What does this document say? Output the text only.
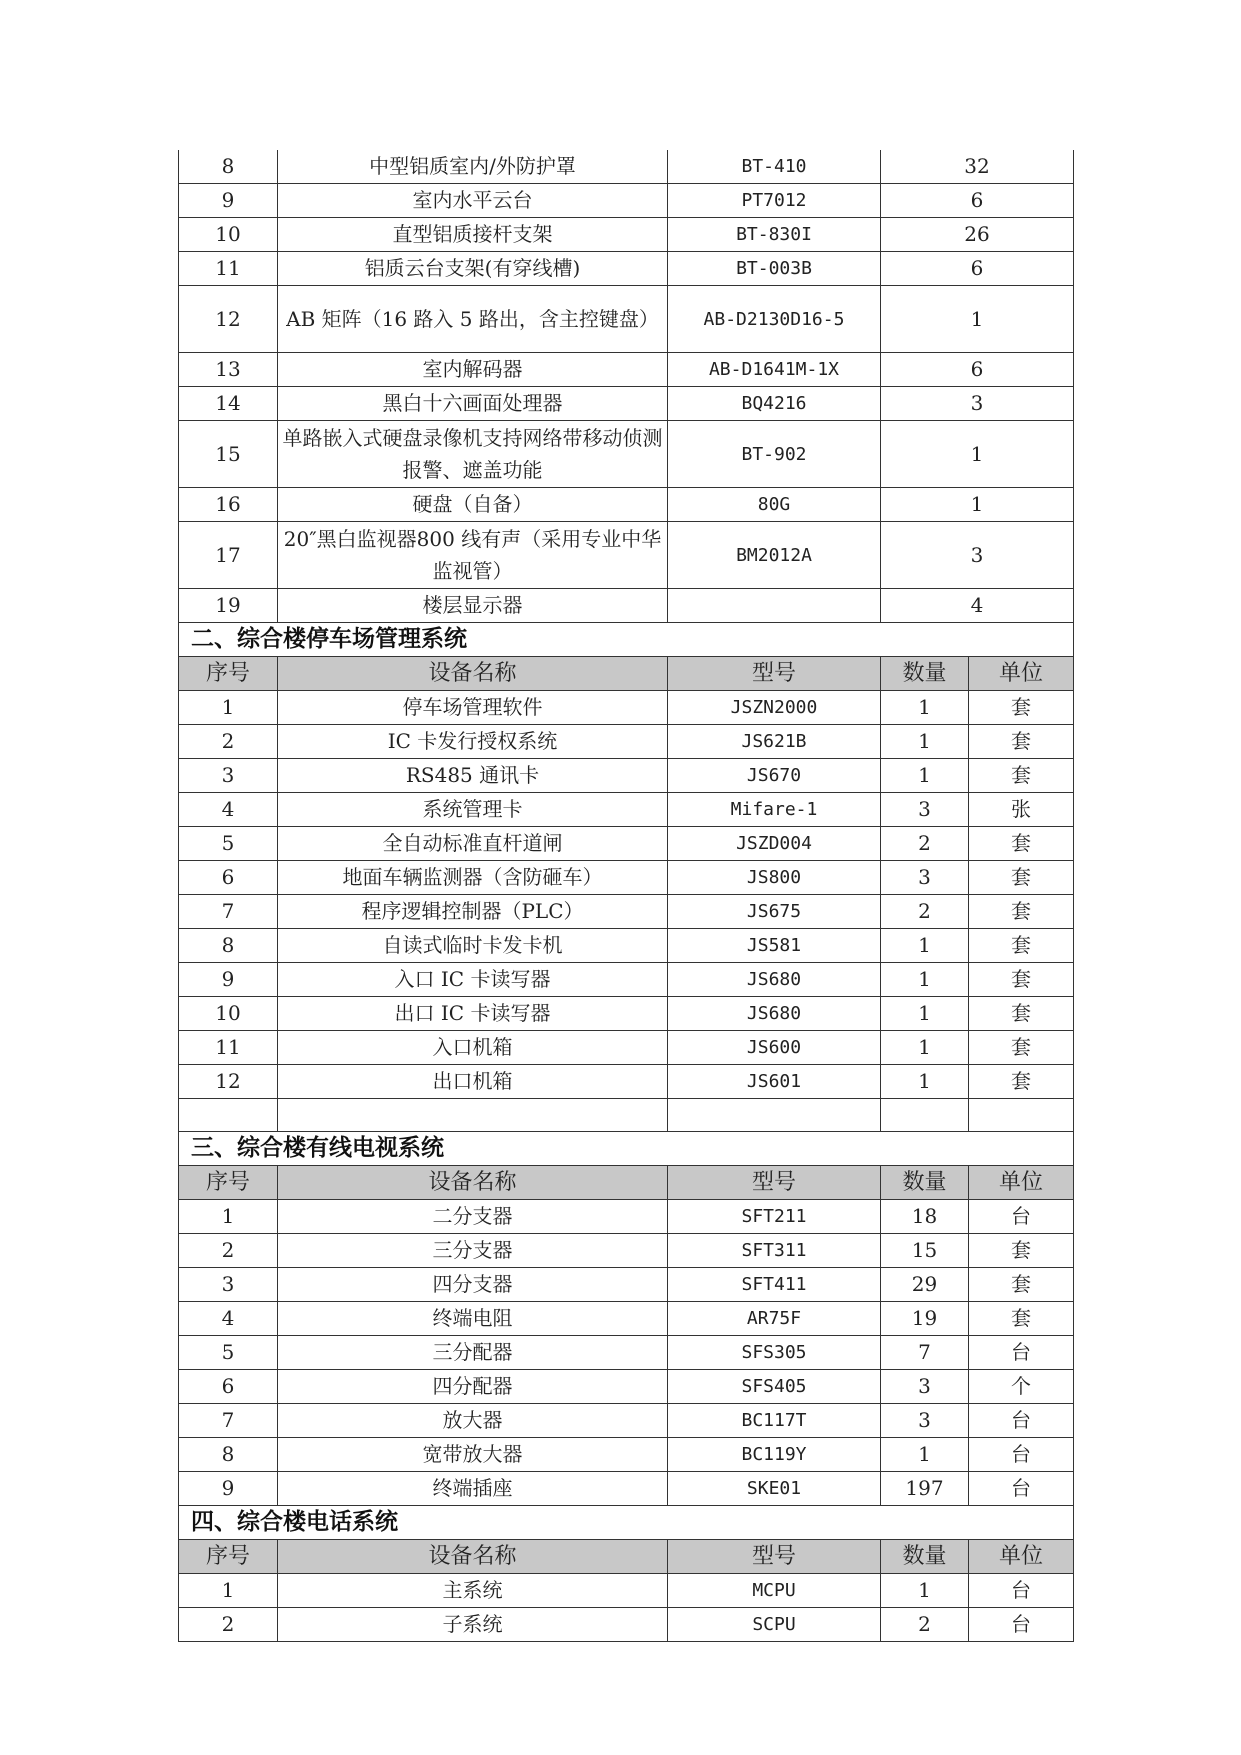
8	中型铝质室内/外防护罩	BT-410	32	
9	室内水平云台	PT7012	6	
10	直型铝质接杆支架	BT-830I	26	
11	铝质云台支架(有穿线槽)	BT-003B	6	
12	AB 矩阵（16 路入 5 路出，含主控键盘）	AB-D2130D16-5	1	
13	室内解码器	AB-D1641M-1X	6	
14	黑白十六画面处理器	BQ4216	3	
15	单路嵌入式硬盘录像机支持网络带移动侦测报警、遮盖功能	BT-902	1	
16	硬盘（自备）	80G	1	
17	20″黑白监视器800 线有声（采用专业中华监视管）	BM2012A	3	
19	楼层显示器		4	
二、综合楼停车场管理系统				
序号	设备名称	型号	数量	单位
1	停车场管理软件	JSZN2000	1	套
2	IC 卡发行授权系统	JS621B	1	套
3	RS485 通讯卡	JS670	1	套
4	系统管理卡	Mifare-1	3	张
5	全自动标准直杆道闸	JSZD004	2	套
6	地面车辆监测器（含防砸车）	JS800	3	套
7	程序逻辑控制器（PLC）	JS675	2	套
8	自读式临时卡发卡机	JS581	1	套
9	入口 IC 卡读写器	JS680	1	套
10	出口 IC 卡读写器	JS680	1	套
11	入口机箱	JS600	1	套
12	出口机箱	JS601	1	套

三、综合楼有线电视系统				
序号	设备名称	型号	数量	单位
1	二分支器	SFT211	18	台
2	三分支器	SFT311	15	套
3	四分支器	SFT411	29	套
4	终端电阻	AR75F	19	套
5	三分配器	SFS305	7	台
6	四分配器	SFS405	3	个
7	放大器	BC117T	3	台
8	宽带放大器	BC119Y	1	台
9	终端插座	SKE01	197	台
四、综合楼电话系统				
序号	设备名称	型号	数量	单位
1	主系统	MCPU	1	台
2	子系统	SCPU	2	台
